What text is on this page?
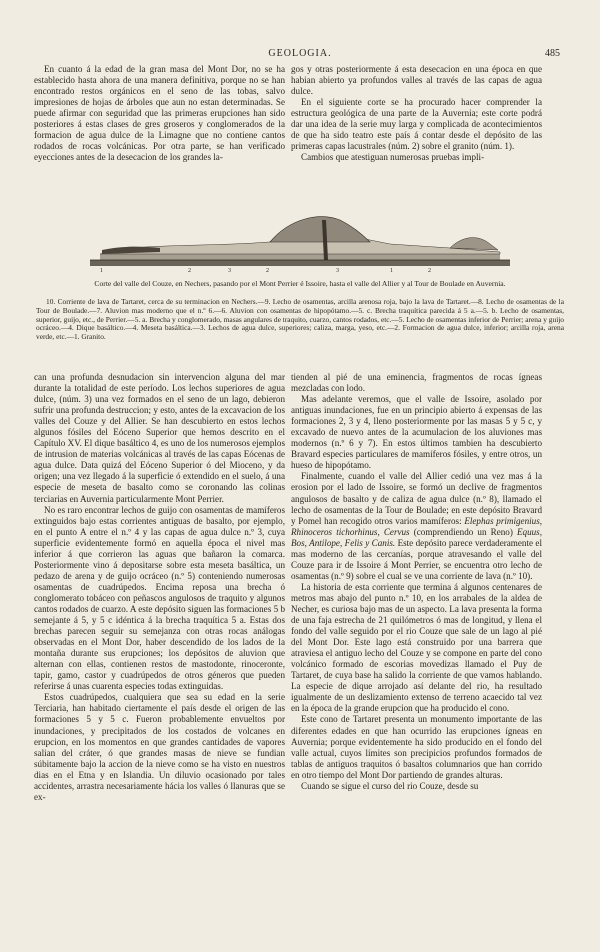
GEOLOGIA.	485

En cuanto á la edad de la gran masa del Mont Dor, no se ha establecido hasta ahora de una manera definitiva, porque no se han encontrado restos orgánicos en el seno de las tobas, salvo impresiones de hojas de árboles que aun no estan determinadas. Se puede afirmar con seguridad que las primeras erupciones han sido posteriores á estas clases de gres groseros y conglomerados de la formacion de agua dulce de la Limagne que no contiene cantos rodados de rocas volcánicas. Por otra parte, se han verificado eyecciones antes de la desecacion de los grandes la-

gos y otras posteriormente á esta desecacion en una época en que habian abierto ya profundos valles al través de las capas de agua dulce.

En el siguiente corte se ha procurado hacer comprender la estructura geológica de una parte de la Auvernia; este corte podrá dar una idea de la serie muy larga y complicada de acontecimientos de que ha sido teatro este país á contar desde el depósito de las primeras capas lacustrales (núm. 2) sobre el granito (núm. 1).

Cambios que atestiguan numerosas pruebas impli-

1	2	3	2	3	1	2
Corte del valle del Couze, en Nechers, pasando por el Mont Perrier é Issoire, hasta el valle del Allier y al Tour de Boulade en Auvernia.

10. Corriente de lava de Tartaret, cerca de su terminacion en Nechers.—9. Lecho de osamentas, arcilla arenosa roja, bajo la lava de Tartaret.—8. Lecho de osamentas de la Tour de Boulade.—7. Aluvion mas moderno que el n.º 6.—6. Aluvion con osamentas de hipopótamo.—5. c. Brecha traquítica parecida á 5 a.—5. b. Lecho de osamentas, superior, guijo, etc., de Perrier.—5. a. Brecha y conglomerado, masas angulares de traquito, cuarzo, cantos rodados, etc.—5. Lecho de osamentas inferior de Perrier; arena y guijo ocráceo.—4. Dique basáltico.—4. Meseta basáltica.—3. Lechos de agua dulce, superiores; caliza, marga, yeso, etc.—2. Formacion de agua dulce, inferior; arcilla roja, arena verde, etc.—1. Granito.

can una profunda desnudacion sin intervencion alguna del mar durante la totalidad de este período. Los lechos superiores de agua dulce, (núm. 3) una vez formados en el seno de un lago, debieron sufrir una profunda destruccion; y esto, antes de la excavacion de los valles del Couze y del Allier. Se han descubierto en estos lechos algunos fósiles del Eóceno Superior que hemos descrito en el Capítulo XV. El dique basáltico 4, es uno de los numerosos ejemplos de intrusion de materias volcánicas al través de las capas Eócenas de agua dulce. Data quizá del Eóceno Superior ó del Mioceno, y da origen; una vez llegado á la superficie ó extendido en el suelo, á una especie de meseta de basalto como se coronando las colinas terciarias en Auvernia particularmente Mont Perrier.

No es raro encontrar lechos de guijo con osamentas de mamíferos extinguidos bajo estas corrientes antiguas de basalto, por ejemplo, en el punto A entre el n.º 4 y las capas de agua dulce n.º 3, cuya superficie evidentemente formó en aquella época el nivel mas inferior á que corrieron las aguas que bañaron la comarca. Posteriormente vino á depositarse sobre esta meseta basáltica, un pedazo de arena y de guijo ocráceo (n.º 5) conteniendo numerosas osamentas de cuadrúpedos. Encima reposa una brecha ó conglomerato tobáceo con peñascos angulosos de traquito y algunos cantos rodados de cuarzo. A este depósito siguen las formaciones 5 b semejante á 5, y 5 c idéntica á la brecha traquítica 5 a. Estas dos brechas parecen seguir su semejanza con otras rocas análogas observadas en el Mont Dor, haber descendido de los lados de la montaña durante sus erupciones; los depósitos de aluvion que alternan con ellas, contienen restos de mastodonte, rinoceronte, tapir, gamo, castor y cuadrúpedos de otros géneros que pueden referirse á unas cuarenta especies todas extinguidas.

Estos cuadrúpedos, cualquiera que sea su edad en la serie Terciaria, han habitado ciertamente el país desde el origen de las formaciones 5 y 5 c. Fueron probablemente envueltos por inundaciones, y precipitados de los costados de volcanes en erupcion, en los momentos en que grandes cantidades de vapores salian del cráter, ó que grandes masas de nieve se fundian súbitamente bajo la accion de la nieve como se ha visto en nuestros dias en el Etna y en Islandia. Un diluvio ocasionado por tales accidentes, arrastra necesariamente hácia los valles ó llanuras que se ex-

tienden al pié de una eminencia, fragmentos de rocas ígneas mezcladas con lodo.

Mas adelante veremos, que el valle de Issoire, asolado por antiguas inundaciones, fue en un principio abierto á expensas de las formaciones 2, 3 y 4, lleno posteriormente por las masas 5 y 5 c, y excavado de nuevo antes de la acumulacion de los aluviones mas modernos (n.º 6 y 7). En estos últimos tambien ha descubierto Bravard especies particulares de mamíferos fósiles, y entre otros, un hueso de hipopótamo.

Finalmente, cuando el valle del Allier cedió una vez mas á la erosion por el lado de Issoire, se formó un declive de fragmentos angulosos de basalto y de caliza de agua dulce (n.º 8), llamado el lecho de osamentas de la Tour de Boulade; en este depósito Bravard y Pomel han recogido otros varios mamíferos: Elephas primigenius, Rhinoceros tichorhinus, Cervus (comprendiendo un Reno) Equus, Bos, Antilope, Felis y Canis. Este depósito parece verdaderamente el mas moderno de las cercanías, porque atravesando el valle del Couze para ir de Issoire á Mont Perrier, se encuentra otro lecho de osamentas (n.º 9) sobre el cual se ve una corriente de lava (n.º 10).

La historia de esta corriente que termina á algunos centenares de metros mas abajo del punto n.º 10, en los arrabales de la aldea de Necher, es curiosa bajo mas de un aspecto. La lava presenta la forma de una faja estrecha de 21 quilómetros ó mas de longitud, y llena el fondo del valle seguido por el rio Couze que sale de un lago al pié del Mont Dor. Este lago está construido por una barrera que atraviesa el antiguo lecho del Couze y se compone en parte del cono volcánico formado de escorias movedizas llamado el Puy de Tartaret, de cuya base ha salido la corriente de que vamos hablando. La especie de dique arrojado así delante del rio, ha resultado igualmente de un deslizamiento extenso de terreno acaecido tal vez en la época de la grande erupcion que ha producido el cono.

Este cono de Tartaret presenta un monumento importante de las diferentes edades en que han ocurrido las erupciones ígneas en Auvernia; porque evidentemente ha sido producido en el fondo del valle actual, cuyos límites son precipicios profundos formados de tablas de antiguos traquitos ó basaltos columnarios que han corrido en otro tiempo del Mont Dor partiendo de grandes alturas.

Cuando se sigue el curso del rio Couze, desde su
